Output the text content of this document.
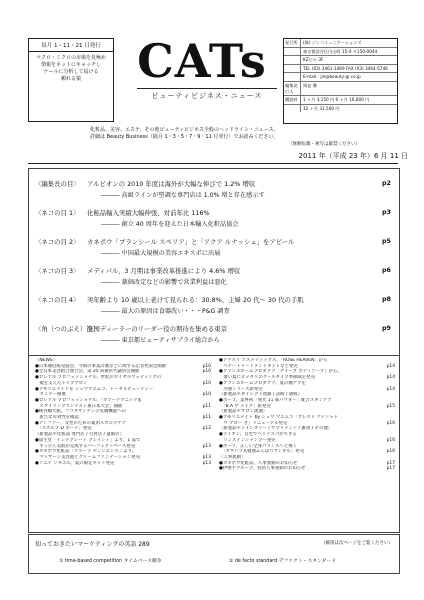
毎月 1・11・21 日発行
マクロ・ミクロの市場を見極め
情報をネットにキャッチし
ケールに分析して届ける
頼れる猿	CATs
ビューティビジネス・ニュース
発行所	(株) ジンコミュニケーションズ
東京都渋谷区円山町 15-4 〒150-0044
KZビル 3F
TEL (03) 3461-1469 FAX (03) 3464-5746
E-mail：jin@beauty-gr.co.jp
編集発行人
岡並 徹
購読料	1 ヶ月 3,150 円 6 ヶ月 16,800 円
12 ヶ月 31,500 円
化粧品、美容、エステ、その他ビューティビジネス全般のヘッドライン・ニュース、
詳細は Beauty Business（隔月 1・3・5・7・9・11 月発行）でお読みください。
（無断転載・複写は厳禁ください）
2011 年（平成 23 年）6 月 11 日
〈編集長の目〉 アルビオンの 2010 年度は海外が大幅な伸びで 1.2% 増収	p2
――― 高級ラインが堅調な専門店は 1.0% 増と存在感示す
〈ネコの目 1〉 化粧品輸入実績大幅伸張、対前年比 116%	p3
――― 創立 40 周年を迎えた日本輸入化粧品協会
〈ネコの目 2〉 カネボウ「ブランシール スペリア」と「アクア ルナッシュ」をアピール	p5
――― 中国最大規模の美容エキスポに出展
〈ネコの目 3〉 メディパル、3 月期は事業改革推進により 4.6% 増収	p6
――― 薬価改定などの影響で営業利益は悪化
〈ネコの目 4〉 実年齢より 10 歳以上老けて見られる：30.8%、主婦 20 代～ 30 代の手肌	p8
――― 最大の原因は食器洗い・・・P&G 調査
〈角（つのぶえ）笛〉
全国ディーラーのリーダー役の期待を集める東京	p9
――― 東京都ビューティサプライ総合から
〈NEWS〉
●日本通信販売協会、今期の事業計画などに関する記者発表会開催	p10
●全日本美容組合連合会、第 35 回通常代議員会開催	p10
●ロレアル プロフェッショナル、世紀のロイヤルウェディングの
　髪を支えたトップサロン	p10
●アモリエメイドを シュウウエムラ、トータルビューティー
　セミナー開催	p10
●ロレアル プロフェッショナル、「カラーテクニック＆
　スタイリングコンテスト東日本大会」開催	p11
●桃谷順天館、フコキサンチンの皮膚機能への
　新たな有効性を確認	p11
●アンファー、女性のための薬用スカルプケア
　「スカルプ D ボーテ」発売	p12
〈新製品＊化粧品 専門店 / 百貨店 / 量販店〉
●資生堂「インテグレート グレイシィ」より、1 品で
　すっぴん美肌が完成するパーフェクトベース発売	p13
●カネボウ化粧品「アユーラ センシエンス」より、
　マッサージ美容液とクリームファンデーション発売	p13
●ソニア リキエル、夏の限定キット発売	p13
●アナスイ コスメティックス、「ROSE HEAVEN」から
　ヘアートリートメントキットなど発売	p14
●クラシエホームプロダクツ「ナイーブ ボディソープ」から、
　暑い夏にピッタリのクールタイプ季節限定発売	p14
●クラシエホームプロダクツ、夏の潮ケアを
　冷感シリーズ新発売	p14
〈新製品＊ダイレクト流通 / 訪販 / 通販〉
●ポーラ、業界初「発光 11 層パウダー」配合スキンケア
　「B.A ザ メイク」新発売	p15
〈新製品＊サロン流通〉
●アモリエメイド by シュウ ウエムラ「ブレスド アイシャド
　ウ グロー ぎ」リニューアル発売	p16
〈新製品＊トイレタリー / サプリメント / 雑貨 / その他〉
●ライオン、自宅でヘッドスパができる
　リンスインシャンプー発売	p16
●ポーラ、正しい全身バランスへと導く
　「カサハラ式健康ふんばりサンダル」発売	p16
〈人事異動〉
●カネボウ化粧品、人事異動のお知らせ	p17
●伊勢半グループ、役員人事異動のお知らせ	p17
知っておきたいマーケティングの英語 289	（解説は次ページをご覧ください）
① time-based competition タイムベース競争	② de facto standard デファクト・スタンダード
